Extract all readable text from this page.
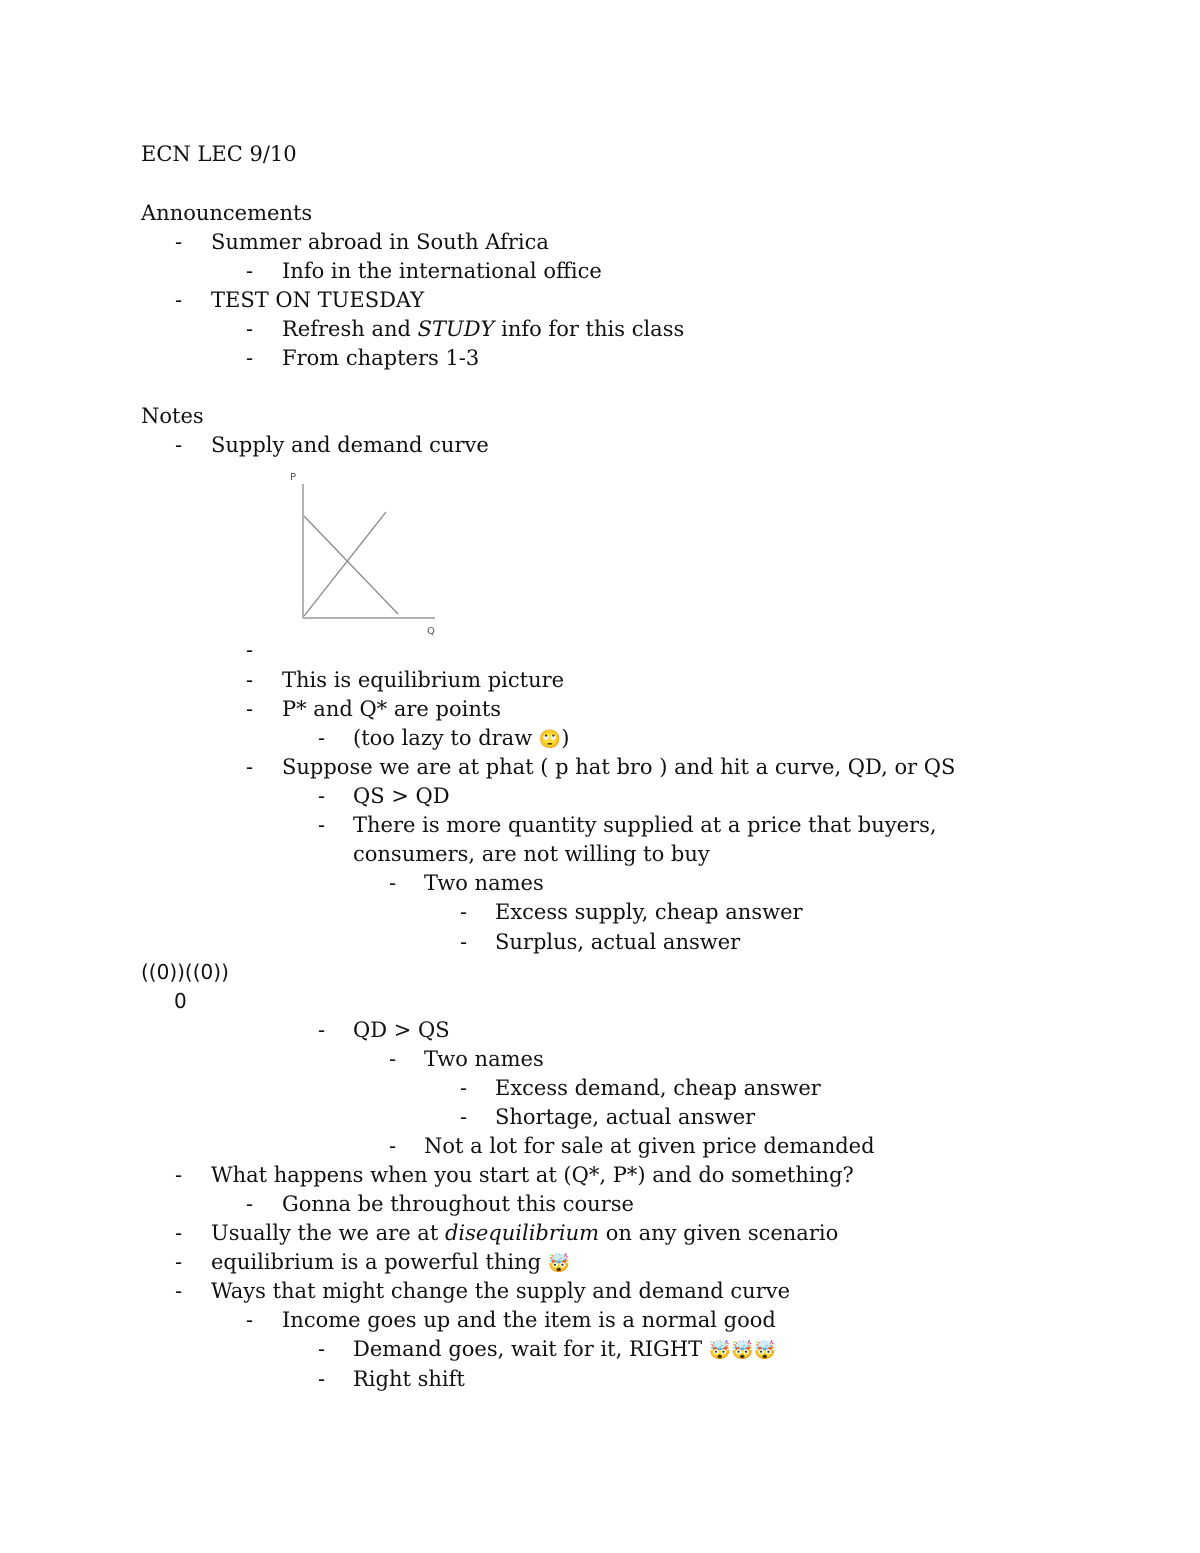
ECN LEC 9/10
Announcements
- Summer abroad in South Africa
- Info in the international office
- TEST ON TUESDAY
- Refresh and STUDY info for this class
- From chapters 1-3
Notes
- Supply and demand curve
P
Q
-
- This is equilibrium picture
- P* and Q* are points
- (too lazy to draw 🙄)
- Suppose we are at phat ( p hat bro ) and hit a curve, QD, or QS
- QS > QD
- There is more quantity supplied at a price that buyers,
consumers, are not willing to buy
- Two names
- Excess supply, cheap answer
- Surplus, actual answer
((0))((0))
0
- QD > QS
- Two names
- Excess demand, cheap answer
- Shortage, actual answer
- Not a lot for sale at given price demanded
- What happens when you start at (Q*, P*) and do something?
- Gonna be throughout this course
- Usually the we are at disequilibrium on any given scenario
- equilibrium is a powerful thing 🤯
- Ways that might change the supply and demand curve
- Income goes up and the item is a normal good
- Demand goes, wait for it, RIGHT 🤯🤯🤯
- Right shift
